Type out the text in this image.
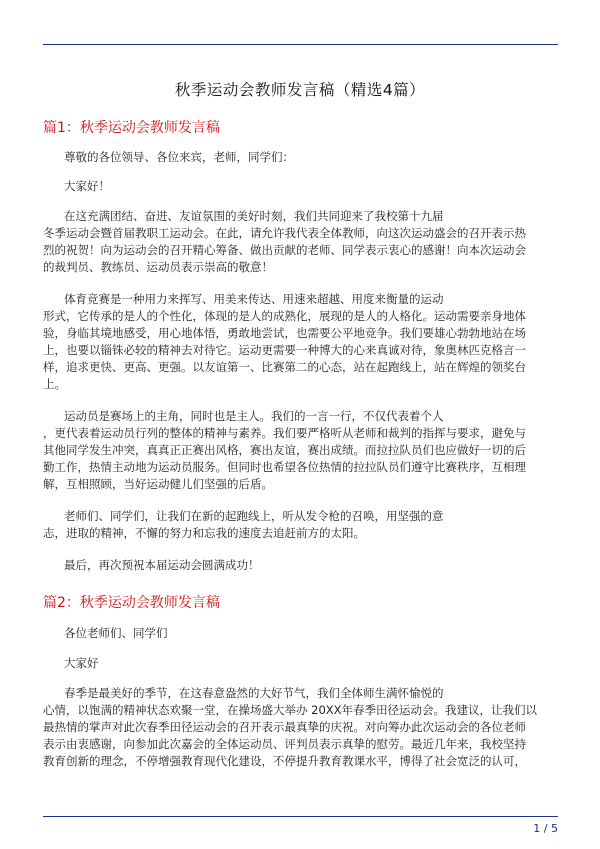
秋季运动会教师发言稿（精选4篇）
篇1：秋季运动会教师发言稿

尊敬的各位领导、各位来宾，老师，同学们：

大家好！

在这充满团结、奋进、友谊氛围的美好时刻，我们共同迎来了我校第十九届

冬季运动会暨首届教职工运动会。在此，请允许我代表全体教师，向这次运动盛会的召开表示热

烈的祝贺！向为运动会的召开精心筹备、做出贡献的老师、同学表示衷心的感谢！向本次运动会

的裁判员、教练员、运动员表示崇高的敬意！

体育竞赛是一种用力来挥写、用美来传达、用速来超越、用度来衡量的运动

形式，它传承的是人的个性化，体现的是人的成熟化，展现的是人的人格化。运动需要亲身地体

验，身临其境地感受，用心地体悟，勇敢地尝试，也需要公平地竞争。我们要雄心勃勃地站在场

上，也要以锱铢必较的精神去对待它。运动更需要一种博大的心来真诚对待，象奥林匹克格言一

样，追求更快、更高、更强。以友谊第一、比赛第二的心态，站在起跑线上，站在辉煌的领奖台

上。

运动员是赛场上的主角，同时也是主人。我们的一言一行，不仅代表着个人

，更代表着运动员行列的整体的精神与素养。我们要严格听从老师和裁判的指挥与要求，避免与

其他同学发生冲突，真真正正赛出风格，赛出友谊，赛出成绩。而拉拉队员们也应做好一切的后

勤工作，热情主动地为运动员服务。但同时也希望各位热情的拉拉队员们遵守比赛秩序，互相理

解，互相照顾，当好运动健儿们坚强的后盾。

老师们、同学们，让我们在新的起跑线上，听从发令枪的召唤，用坚强的意

志，进取的精神，不懈的努力和忘我的速度去追赶前方的太阳。

最后，再次预祝本届运动会圆满成功！

篇2：秋季运动会教师发言稿

各位老师们、同学们

大家好

春季是最美好的季节，在这春意盎然的大好节气，我们全体师生满怀愉悦的

心情，以饱满的精神状态欢聚一堂，在操场盛大举办 20XX年春季田径运动会。我建议，让我们以

最热情的掌声对此次春季田径运动会的召开表示最真挚的庆祝。对向筹办此次运动会的各位老师

表示由衷感谢，向参加此次嘉会的全体运动员、评判员表示真挚的慰劳。最近几年来，我校坚持

教育创新的理念，不停增强教育现代化建设，不停提升教育教课水平，博得了社会宽泛的认可，

1 / 5
